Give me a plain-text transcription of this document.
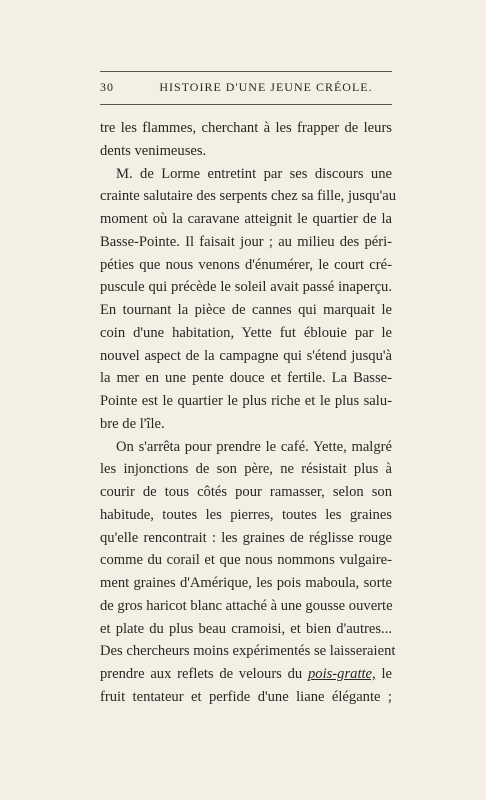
30	HISTOIRE D'UNE JEUNE CRÉOLE.
tre les flammes, cherchant à les frapper de leurs
dents venimeuses.
M. de Lorme entretint par ses discours une
crainte salutaire des serpents chez sa fille, jusqu'au
moment où la caravane atteignit le quartier de la
Basse-Pointe. Il faisait jour ; au milieu des péri-
péties que nous venons d'énumérer, le court cré-
puscule qui précède le soleil avait passé inaperçu.
En tournant la pièce de cannes qui marquait le
coin d'une habitation, Yette fut éblouie par le
nouvel aspect de la campagne qui s'étend jusqu'à
la mer en une pente douce et fertile. La Basse-
Pointe est le quartier le plus riche et le plus salu-
bre de l'île.
On s'arrêta pour prendre le café. Yette, malgré
les injonctions de son père, ne résistait plus à
courir de tous côtés pour ramasser, selon son
habitude, toutes les pierres, toutes les graines
qu'elle rencontrait : les graines de réglisse rouge
comme du corail et que nous nommons vulgaire-
ment graines d'Amérique, les pois maboula, sorte
de gros haricot blanc attaché à une gousse ouverte
et plate du plus beau cramoisi, et bien d'autres...
Des chercheurs moins expérimentés se laisseraient
prendre aux reflets de velours du pois-gratte, le
fruit tentateur et perfide d'une liane élégante ;
